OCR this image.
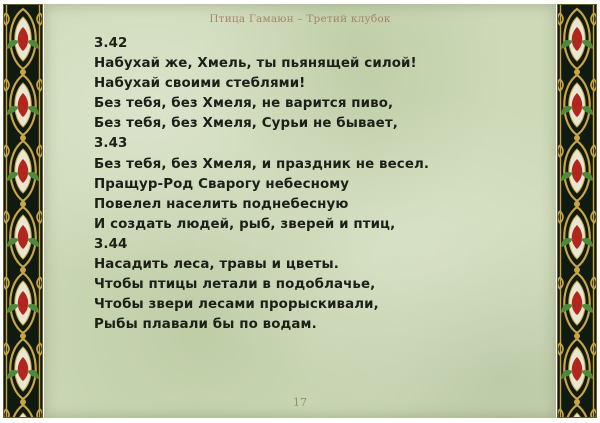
Птица Гамаюн – Третий клубок
3.42
Набухай же, Хмель, ты пьянящей силой!
Набухай своими стеблями!
Без тебя, без Хмеля, не варится пиво,
Без тебя, без Хмеля, Сурьи не бывает,
3.43
Без тебя, без Хмеля, и праздник не весел.
Пращур-Род Сварогу небесному
Повелел населить поднебесную
И создать людей, рыб, зверей и птиц,
3.44
Насадить леса, травы и цветы.
Чтобы птицы летали в подоблачье,
Чтобы звери лесами прорыскивали,
Рыбы плавали бы по водам.
17
